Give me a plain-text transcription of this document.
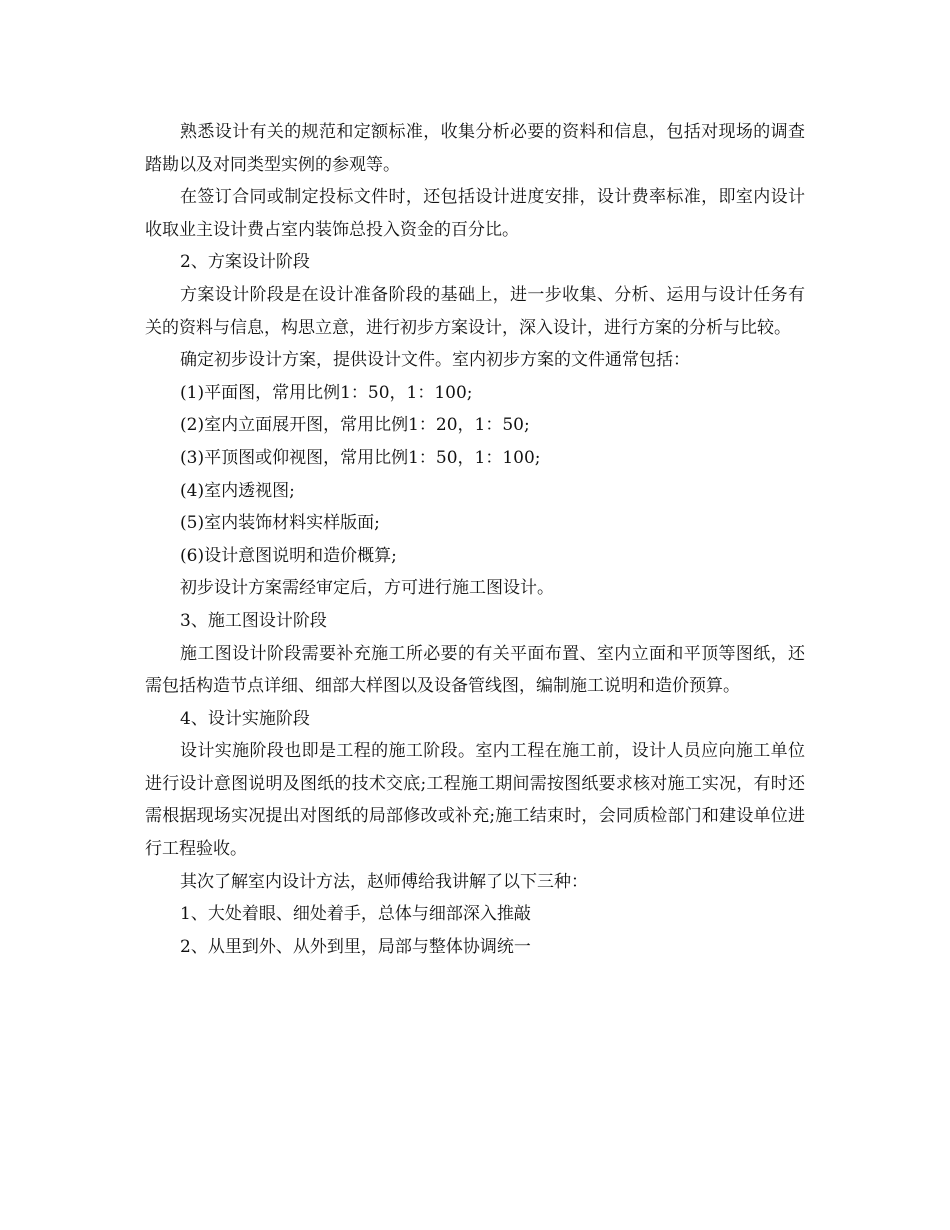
熟悉设计有关的规范和定额标准，收集分析必要的资料和信息，包括对现场的调查踏勘以及对同类型实例的参观等。

在签订合同或制定投标文件时，还包括设计进度安排，设计费率标准，即室内设计收取业主设计费占室内装饰总投入资金的百分比。

2、方案设计阶段

方案设计阶段是在设计准备阶段的基础上，进一步收集、分析、运用与设计任务有关的资料与信息，构思立意，进行初步方案设计，深入设计，进行方案的分析与比较。

确定初步设计方案，提供设计文件。室内初步方案的文件通常包括：

(1)平面图，常用比例1：50，1：100;

(2)室内立面展开图，常用比例1：20，1：50;

(3)平顶图或仰视图，常用比例1：50，1：100;

(4)室内透视图;

(5)室内装饰材料实样版面;

(6)设计意图说明和造价概算;

初步设计方案需经审定后，方可进行施工图设计。

3、施工图设计阶段

施工图设计阶段需要补充施工所必要的有关平面布置、室内立面和平顶等图纸，还需包括构造节点详细、细部大样图以及设备管线图，编制施工说明和造价预算。

4、设计实施阶段

设计实施阶段也即是工程的施工阶段。室内工程在施工前，设计人员应向施工单位进行设计意图说明及图纸的技术交底;工程施工期间需按图纸要求核对施工实况，有时还需根据现场实况提出对图纸的局部修改或补充;施工结束时，会同质检部门和建设单位进行工程验收。

其次了解室内设计方法，赵师傅给我讲解了以下三种：

1、大处着眼、细处着手，总体与细部深入推敲

2、从里到外、从外到里，局部与整体协调统一
